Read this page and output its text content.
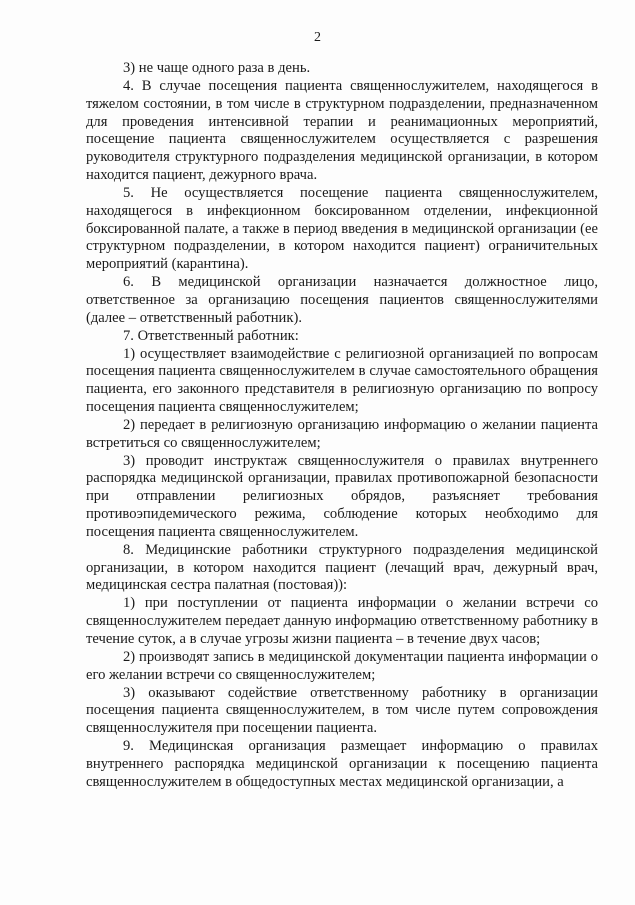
2

3) не чаще одного раза в день.

4. В случае посещения пациента священнослужителем, находящегося в тяжелом состоянии, в том числе в структурном подразделении, предназначенном для проведения интенсивной терапии и реанимационных мероприятий, посещение пациента священнослужителем осуществляется с разрешения руководителя структурного подразделения медицинской организации, в котором находится пациент, дежурного врача.

5. Не осуществляется посещение пациента священнослужителем, находящегося в инфекционном боксированном отделении, инфекционной боксированной палате, а также в период введения в медицинской организации (ее структурном подразделении, в котором находится пациент) ограничительных мероприятий (карантина).

6. В медицинской организации назначается должностное лицо, ответственное за организацию посещения пациентов священнослужителями (далее – ответственный работник).

7. Ответственный работник:

1) осуществляет взаимодействие с религиозной организацией по вопросам посещения пациента священнослужителем в случае самостоятельного обращения пациента, его законного представителя в религиозную организацию по вопросу посещения пациента священнослужителем;

2) передает в религиозную организацию информацию о желании пациента встретиться со священнослужителем;

3) проводит инструктаж священнослужителя о правилах внутреннего распорядка медицинской организации, правилах противопожарной безопасности при отправлении религиозных обрядов, разъясняет требования противоэпидемического режима, соблюдение которых необходимо для посещения пациента священнослужителем.

8. Медицинские работники структурного подразделения медицинской организации, в котором находится пациент (лечащий врач, дежурный врач, медицинская сестра палатная (постовая)):

1) при поступлении от пациента информации о желании встречи со священнослужителем передает данную информацию ответственному работнику в течение суток, а в случае угрозы жизни пациента – в течение двух часов;

2) производят запись в медицинской документации пациента информации о его желании встречи со священнослужителем;

3) оказывают содействие ответственному работнику в организации посещения пациента священнослужителем, в том числе путем сопровождения священнослужителя при посещении пациента.

9. Медицинская организация размещает информацию о правилах внутреннего распорядка медицинской организации к посещению пациента священнослужителем в общедоступных местах медицинской организации, а
